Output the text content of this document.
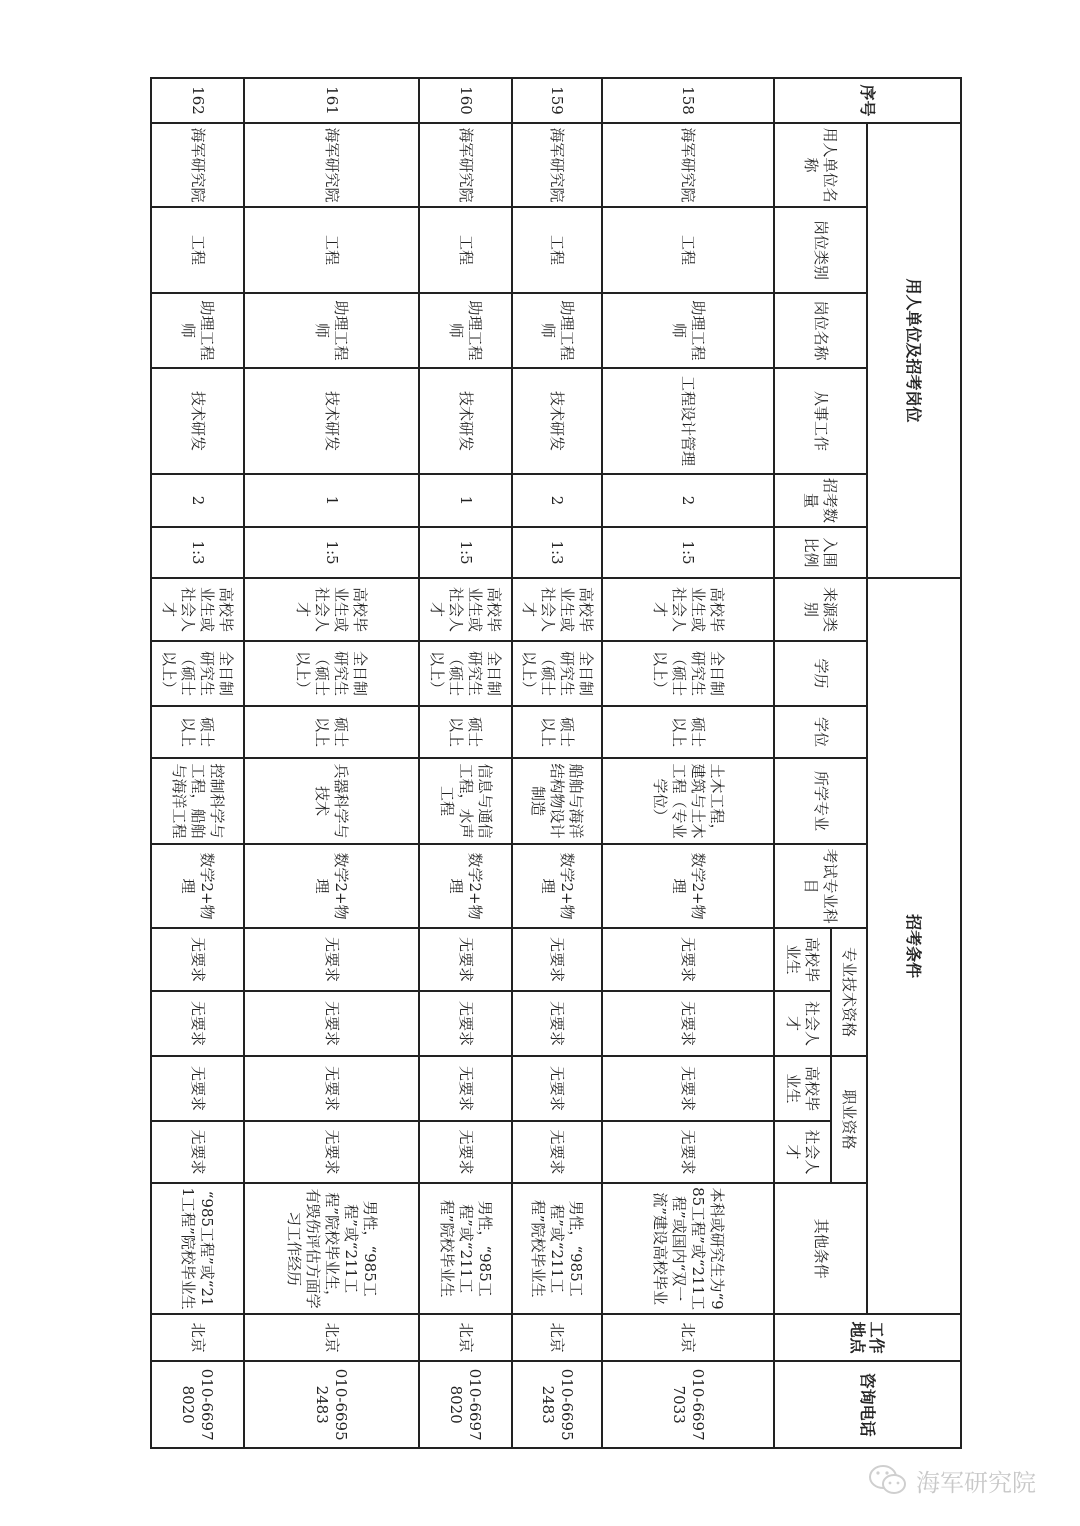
序号	用人单位及招考岗位						招考条件										工作地点	咨询电话
	用人单位名称	岗位类别	岗位名称	从事工作	招考数量	入围比例	来源类别	学历	学位	所学专业	考试专业科目	专业技术资格		职业资格		其他条件		
												高校毕业生	社会人才	高校毕业生	社会人才			
158	海军研究院	工程	助理工程师	工程设计管理	2	1:5	高校毕业生或社会人才	全日制研究生（硕士以上）	硕士以上	土木工程，建筑与土木工程（专业学位）	数学2+物理	无要求	无要求	无要求	无要求	本科或研究生为“985工程”或“211工程”或国内“双一流”建设高校毕业	北京	010-66977033
159	海军研究院	工程	助理工程师	技术研发	2	1:3	高校毕业生或社会人才	全日制研究生（硕士以上）	硕士以上	船舶与海洋结构物设计制造	数学2+物理	无要求	无要求	无要求	无要求	男性，“985工程”或“211工程”院校毕业生	北京	010-66952483
160	海军研究院	工程	助理工程师	技术研发	1	1:5	高校毕业生或社会人才	全日制研究生（硕士以上）	硕士以上	信息与通信工程，水声工程	数学2+物理	无要求	无要求	无要求	无要求	男性，“985工程”或“211工程”院校毕业生	北京	010-66978020
161	海军研究院	工程	助理工程师	技术研发	1	1:5	高校毕业生或社会人才	全日制研究生（硕士以上）	硕士以上	兵器科学与技术	数学2+物理	无要求	无要求	无要求	无要求	男性，“985工程”或“211工程”院校毕业生，有毁伤评估方面学习工作经历	北京	010-66952483
162	海军研究院	工程	助理工程师	技术研发	2	1:3	高校毕业生或社会人才	全日制研究生（硕士以上）	硕士以上	控制科学与工程，船舶与海洋工程	数学2+物理	无要求	无要求	无要求	无要求	“985工程”或“211工程”院校毕业生	北京	010-66978020
海军研究院
